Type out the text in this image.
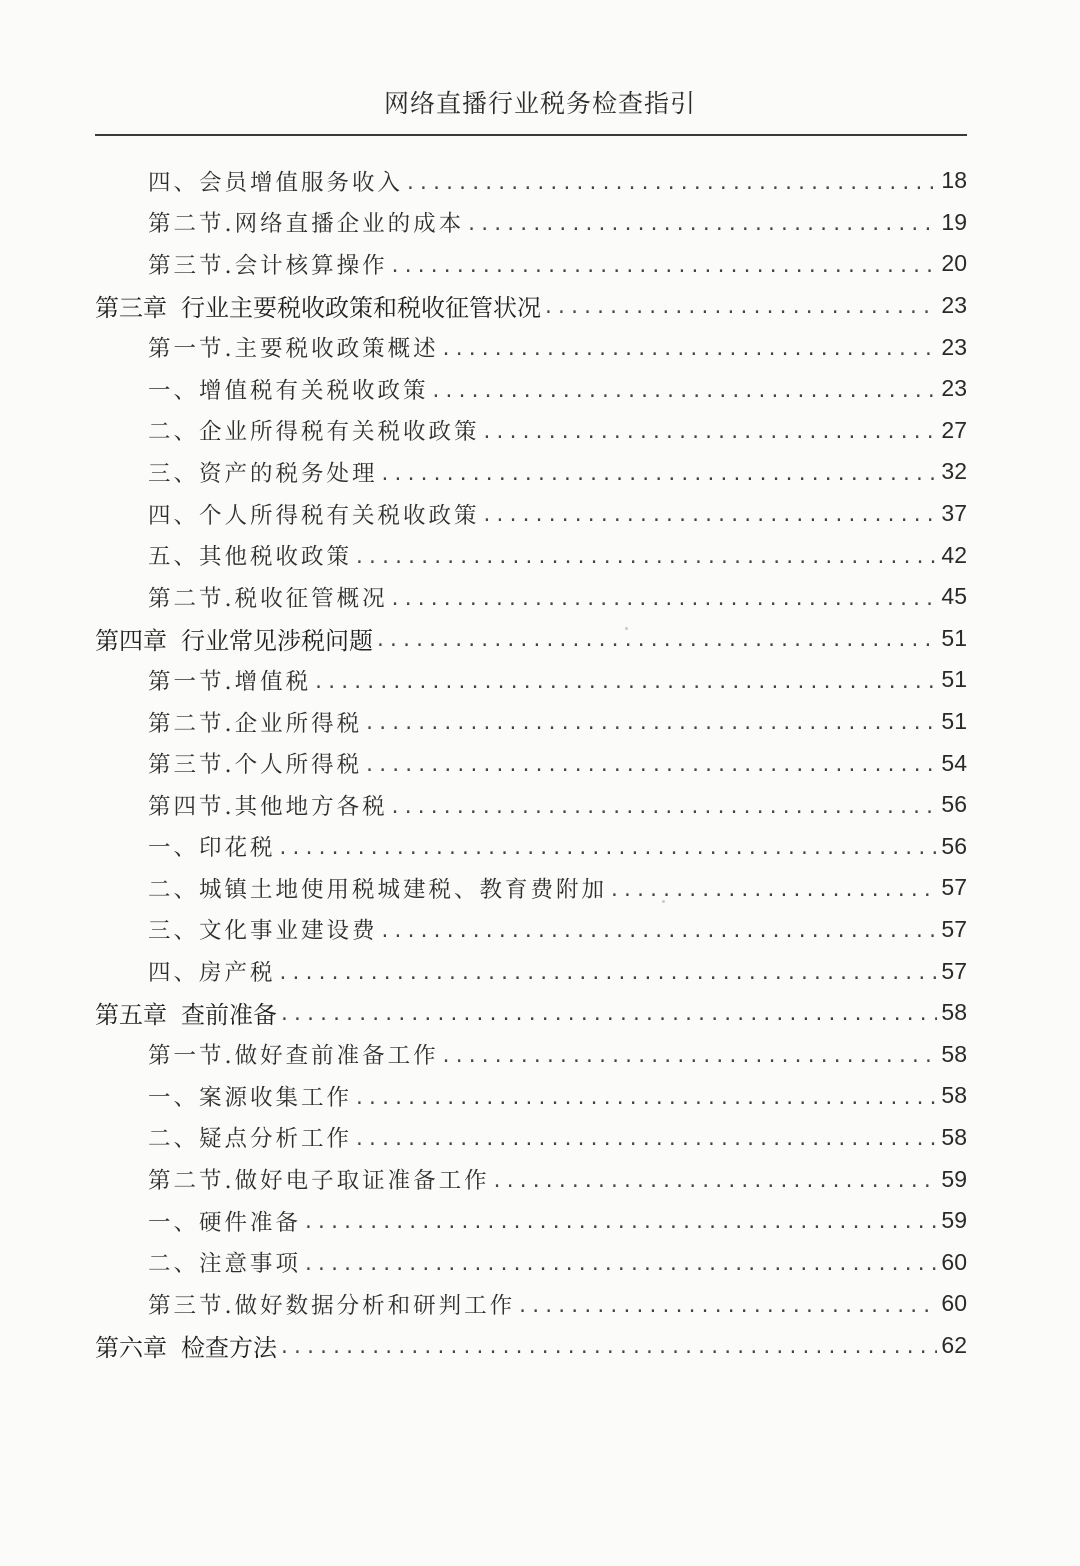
网络直播行业税务检查指引
四、会员增值服务收入 .....	18
第二节.网络直播企业的成本 .....	19
第三节.会计核算操作 .....	20
第三章 行业主要税收政策和税收征管状况 .....	23
第一节.主要税收政策概述 .....	23
一、增值税有关税收政策 .....	23
二、企业所得税有关税收政策 .....	27
三、资产的税务处理 .....	32
四、个人所得税有关税收政策 .....	37
五、其他税收政策 .....	42
第二节.税收征管概况 .....	45
第四章 行业常见涉税问题 .....	51
第一节.增值税 .....	51
第二节.企业所得税 .....	51
第三节.个人所得税 .....	54
第四节.其他地方各税 .....	56
一、印花税 .....	56
二、城镇土地使用税城建税、教育费附加 .....	57
三、文化事业建设费 .....	57
四、房产税 .....	57
第五章 查前准备 .....	58
第一节.做好查前准备工作 .....	58
一、案源收集工作 .....	58
二、疑点分析工作 .....	58
第二节.做好电子取证准备工作 .....	59
一、硬件准备 .....	59
二、注意事项 .....	60
第三节.做好数据分析和研判工作 .....	60
第六章 检查方法 .....	62
